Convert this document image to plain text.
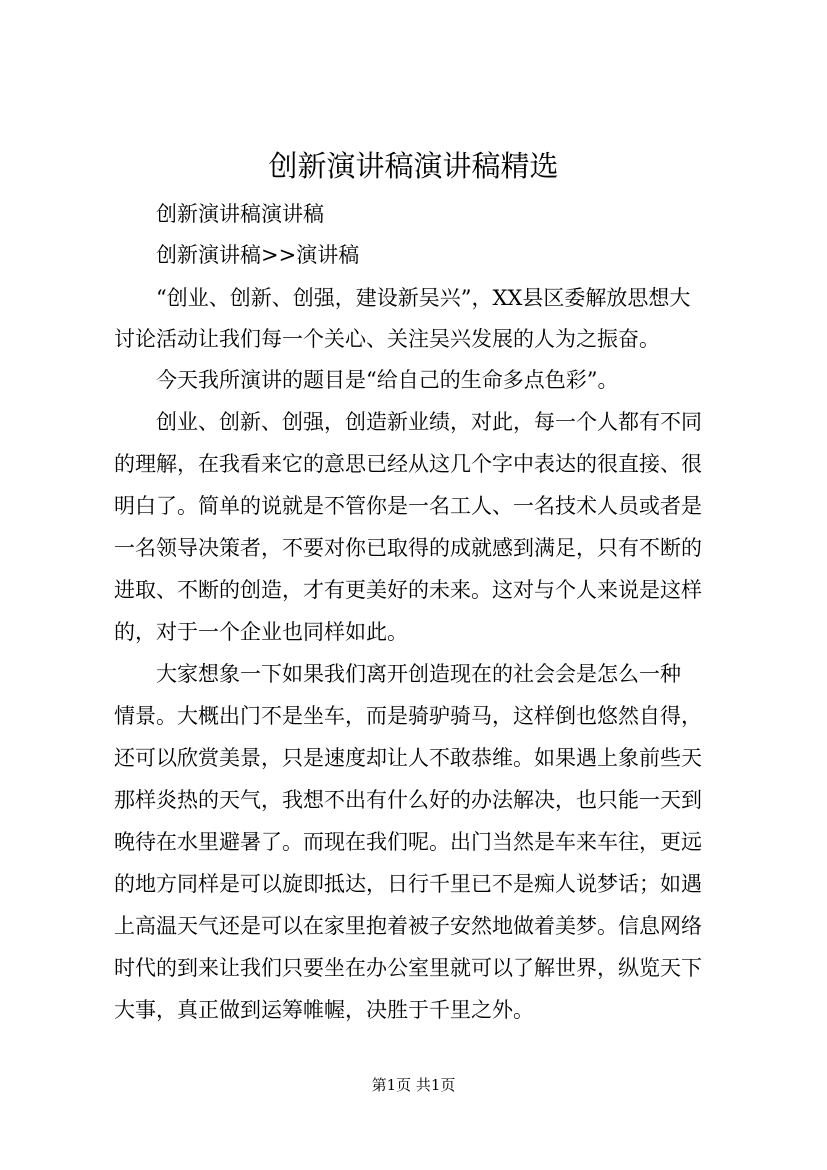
创新演讲稿演讲稿精选
创新演讲稿演讲稿
创新演讲稿>>演讲稿
“创业、创新、创强，建设新吴兴”，XX县区委解放思想大
讨论活动让我们每一个关心、关注吴兴发展的人为之振奋。
今天我所演讲的题目是“给自己的生命多点色彩”。
创业、创新、创强，创造新业绩，对此，每一个人都有不同
的理解，在我看来它的意思已经从这几个字中表达的很直接、很
明白了。简单的说就是不管你是一名工人、一名技术人员或者是
一名领导决策者，不要对你已取得的成就感到满足，只有不断的
进取、不断的创造，才有更美好的未来。这对与个人来说是这样
的，对于一个企业也同样如此。
大家想象一下如果我们离开创造现在的社会会是怎么一种
情景。大概出门不是坐车，而是骑驴骑马，这样倒也悠然自得，
还可以欣赏美景，只是速度却让人不敢恭维。如果遇上象前些天
那样炎热的天气，我想不出有什么好的办法解决，也只能一天到
晚待在水里避暑了。而现在我们呢。出门当然是车来车往，更远
的地方同样是可以旋即抵达，日行千里已不是痴人说梦话；如遇
上高温天气还是可以在家里抱着被子安然地做着美梦。信息网络
时代的到来让我们只要坐在办公室里就可以了解世界，纵览天下
大事，真正做到运筹帷幄，决胜于千里之外。
第1页 共1页
